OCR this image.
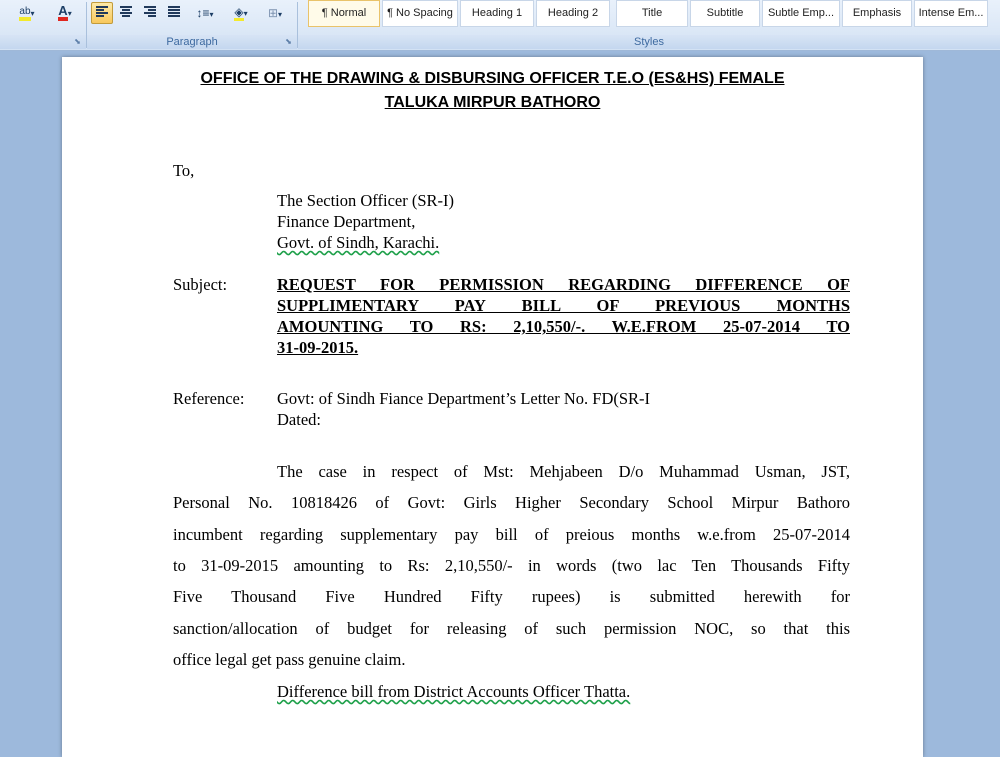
ab▾	A▾
⬊
↕≡▾	◈▾	⊞▾
Paragraph	⬊
¶ Normal	¶ No Spacing	Heading 1	Heading 2	Title	Subtitle	Subtle Emp...	Emphasis	Intense Em...
Styles
OFFICE OF THE DRAWING & DISBURSING OFFICER T.E.O (ES&HS) FEMALE
TALUKA MIRPUR BATHORO
To,
The Section Officer (SR-I)
Finance Department,
Govt. of Sindh, Karachi.
Subject:	REQUEST FOR PERMISSION REGARDING DIFFERENCE OF
SUPPLIMENTARY PAY BILL OF PREVIOUS MONTHS
AMOUNTING TO RS: 2,10,550/-. W.E.FROM 25-07-2014 TO
31-09-2015.
Reference: Govt: of Sindh Fiance Department’s Letter No. FD(SR-I
Dated:
The case in respect of Mst: Mehjabeen D/o Muhammad Usman, JST,
Personal No. 10818426 of Govt: Girls Higher Secondary School Mirpur Bathoro
incumbent regarding supplementary pay bill of preious months w.e.from 25-07-2014
to 31-09-2015 amounting to Rs: 2,10,550/- in words (two lac Ten Thousands Fifty
Five Thousand Five Hundred Fifty rupees) is submitted herewith for
sanction/allocation of budget for releasing of such permission NOC, so that this
office legal get pass genuine claim.
Difference bill from District Accounts Officer Thatta.
